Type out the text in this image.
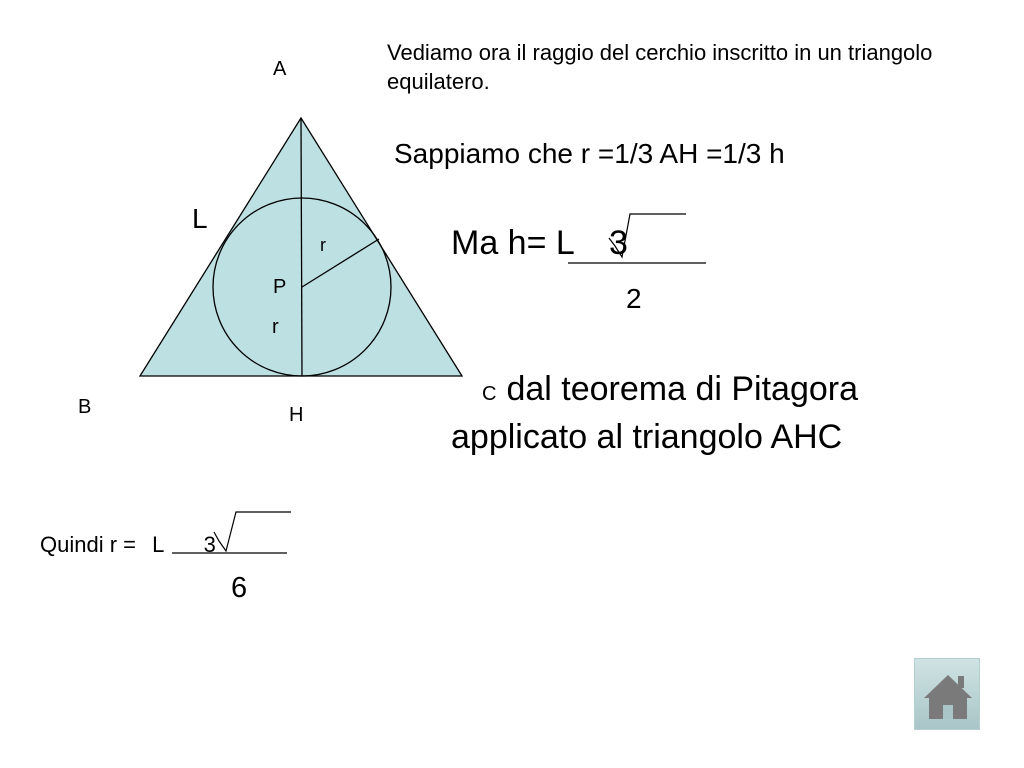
A
B	H
L
P
r
r
Vediamo ora il raggio del cerchio inscritto in un triangolo equilatero.
Sappiamo che r =1/3 AH =1/3 h
Ma h= L 3
2
C dal teorema di Pitagora applicato al triangolo AHC
Quindi r = L 3
6
